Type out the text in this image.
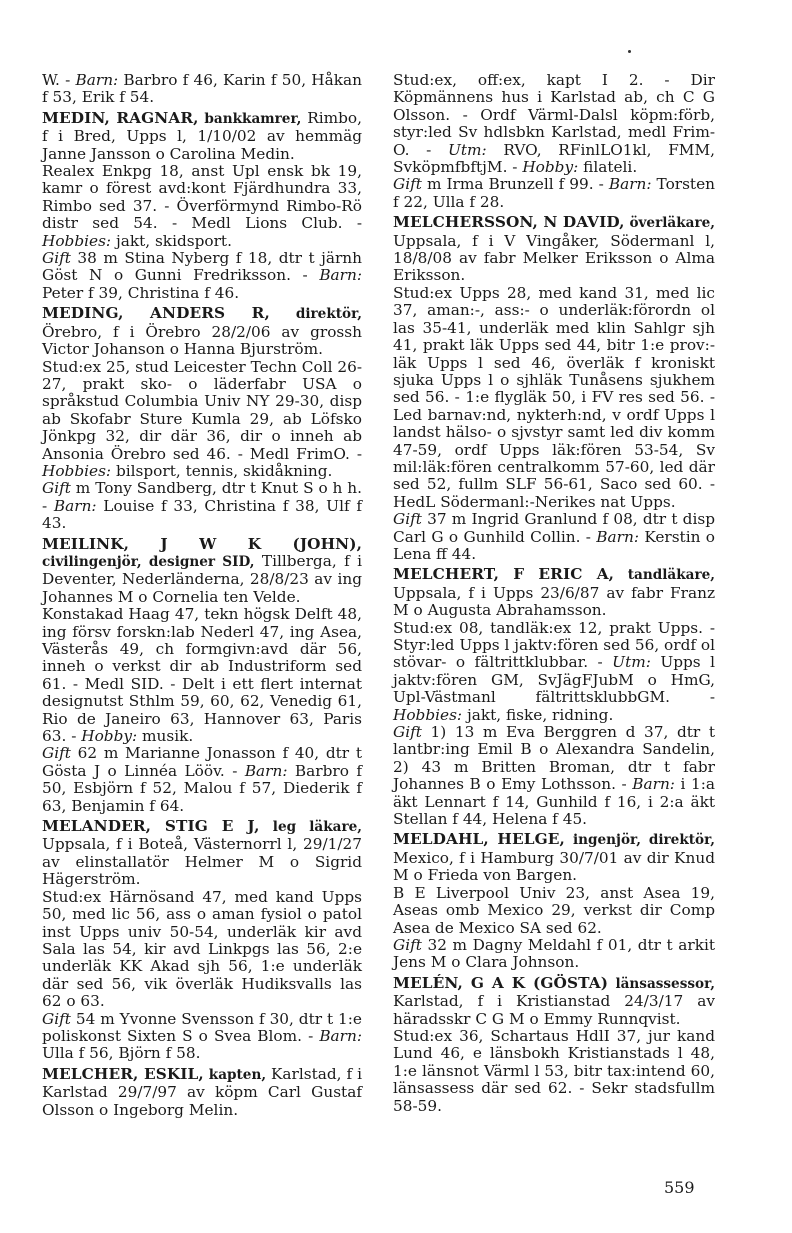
W. - Barn: Barbro f 46, Karin f 50, Håkan f 53, Erik f 54.

MEDIN, RAGNAR, bankkamrer, Rimbo, f i Bred, Upps l, 1/10/02 av hemmäg Janne Jansson o Carolina Medin.

Realex Enkpg 18, anst Upl ensk bk 19, kamr o förest avd:kont Fjärdhundra 33, Rimbo sed 37. - Överförmynd Rimbo-Rö distr sed 54. - Medl Lions Club. - Hobbies: jakt, skidsport.

Gift 38 m Stina Nyberg f 18, dtr t järnh Göst N o Gunni Fredriksson. - Barn: Peter f 39, Christina f 46.

MEDING, ANDERS R, direktör, Örebro, f i Örebro 28/2/06 av grossh Victor Johanson o Hanna Bjurström.

Stud:ex 25, stud Leicester Techn Coll 26-27, prakt sko- o läderfabr USA o språkstud Columbia Univ NY 29-30, disp ab Skofabr Sture Kumla 29, ab Löfsko Jönkpg 32, dir där 36, dir o inneh ab Ansonia Örebro sed 46. - Medl FrimO. - Hobbies: bilsport, tennis, skidåkning.

Gift m Tony Sandberg, dtr t Knut S o h h. - Barn: Louise f 33, Christina f 38, Ulf f 43.

MEILINK, J W K (JOHN), civilingenjör, designer SID, Tillberga, f i Deventer, Nederländerna, 28/8/23 av ing Johannes M o Cornelia ten Velde.

Konstakad Haag 47, tekn högsk Delft 48, ing försv forskn:lab Nederl 47, ing Asea, Västerås 49, ch formgivn:avd där 56, inneh o verkst dir ab Industriform sed 61. - Medl SID. - Delt i ett flert internat designutst Sthlm 59, 60, 62, Venedig 61, Rio de Janeiro 63, Hannover 63, Paris 63. - Hobby: musik.

Gift 62 m Marianne Jonasson f 40, dtr t Gösta J o Linnéa Lööv. - Barn: Barbro f 50, Esbjörn f 52, Malou f 57, Diederik f 63, Benjamin f 64.

MELANDER, STIG E J, leg läkare, Uppsala, f i Boteå, Västernorrl l, 29/1/27 av elinstallatör Helmer M o Sigrid Hägerström.

Stud:ex Härnösand 47, med kand Upps 50, med lic 56, ass o aman fysiol o patol inst Upps univ 50-54, underläk kir avd Sala las 54, kir avd Linkpgs las 56, 2:e underläk KK Akad sjh 56, 1:e underläk där sed 56, vik överläk Hudiksvalls las 62 o 63.

Gift 54 m Yvonne Svensson f 30, dtr t 1:e poliskonst Sixten S o Svea Blom. - Barn: Ulla f 56, Björn f 58.

MELCHER, ESKIL, kapten, Karlstad, f i Karlstad 29/7/97 av köpm Carl Gustaf Olsson o Ingeborg Melin.

Stud:ex, off:ex, kapt I 2. - Dir Köpmännens hus i Karlstad ab, ch C G Olsson. - Ordf Värml-Dalsl köpm:förb, styr:led Sv hdlsbkn Karlstad, medl Frim-O. - Utm: RVO, RFinlLO1kl, FMM, SvköpmfbftjM. - Hobby: filateli.

Gift m Irma Brunzell f 99. - Barn: Torsten f 22, Ulla f 28.

MELCHERSSON, N DAVID, överläkare, Uppsala, f i V Vingåker, Södermanl l, 18/8/08 av fabr Melker Eriksson o Alma Eriksson.

Stud:ex Upps 28, med kand 31, med lic 37, aman:-, ass:- o underläk:förordn ol las 35-41, underläk med klin Sahlgr sjh 41, prakt läk Upps sed 44, bitr 1:e prov:-läk Upps l sed 46, överläk f kroniskt sjuka Upps l o sjhläk Tunåsens sjukhem sed 56. - 1:e flygläk 50, i FV res sed 56. - Led barnav:nd, nykterh:nd, v ordf Upps l landst hälso- o sjvstyr samt led div komm 47-59, ordf Upps läk:fören 53-54, Sv mil:läk:fören centralkomm 57-60, led där sed 52, fullm SLF 56-61, Saco sed 60. - HedL Södermanl:-Nerikes nat Upps.

Gift 37 m Ingrid Granlund f 08, dtr t disp Carl G o Gunhild Collin. - Barn: Kerstin o Lena ff 44.

MELCHERT, F ERIC A, tandläkare, Uppsala, f i Upps 23/6/87 av fabr Franz M o Augusta Abrahamsson.

Stud:ex 08, tandläk:ex 12, prakt Upps. - Styr:led Upps l jaktv:fören sed 56, ordf ol stövar- o fältrittklubbar. - Utm: Upps l jaktv:fören GM, SvJägFJubM o HmG, Upl-Västmanl fältrittsklubbGM. - Hobbies: jakt, fiske, ridning.

Gift 1) 13 m Eva Berggren d 37, dtr t lantbr:ing Emil B o Alexandra Sandelin, 2) 43 m Britten Broman, dtr t fabr Johannes B o Emy Lothsson. - Barn: i 1:a äkt Lennart f 14, Gunhild f 16, i 2:a äkt Stellan f 44, Helena f 45.

MELDAHL, HELGE, ingenjör, direktör, Mexico, f i Hamburg 30/7/01 av dir Knud M o Frieda von Bargen.

B E Liverpool Univ 23, anst Asea 19, Aseas omb Mexico 29, verkst dir Comp Asea de Mexico SA sed 62.

Gift 32 m Dagny Meldahl f 01, dtr t arkit Jens M o Clara Johnson.

MELÉN, G A K (GÖSTA) länsassessor, Karlstad, f i Kristianstad 24/3/17 av häradsskr C G M o Emmy Runnqvist.

Stud:ex 36, Schartaus HdlI 37, jur kand Lund 46, e länsbokh Kristianstads l 48, 1:e länsnot Värml l 53, bitr tax:intend 60, länsassess där sed 62. - Sekr stadsfullm 58-59.

559
